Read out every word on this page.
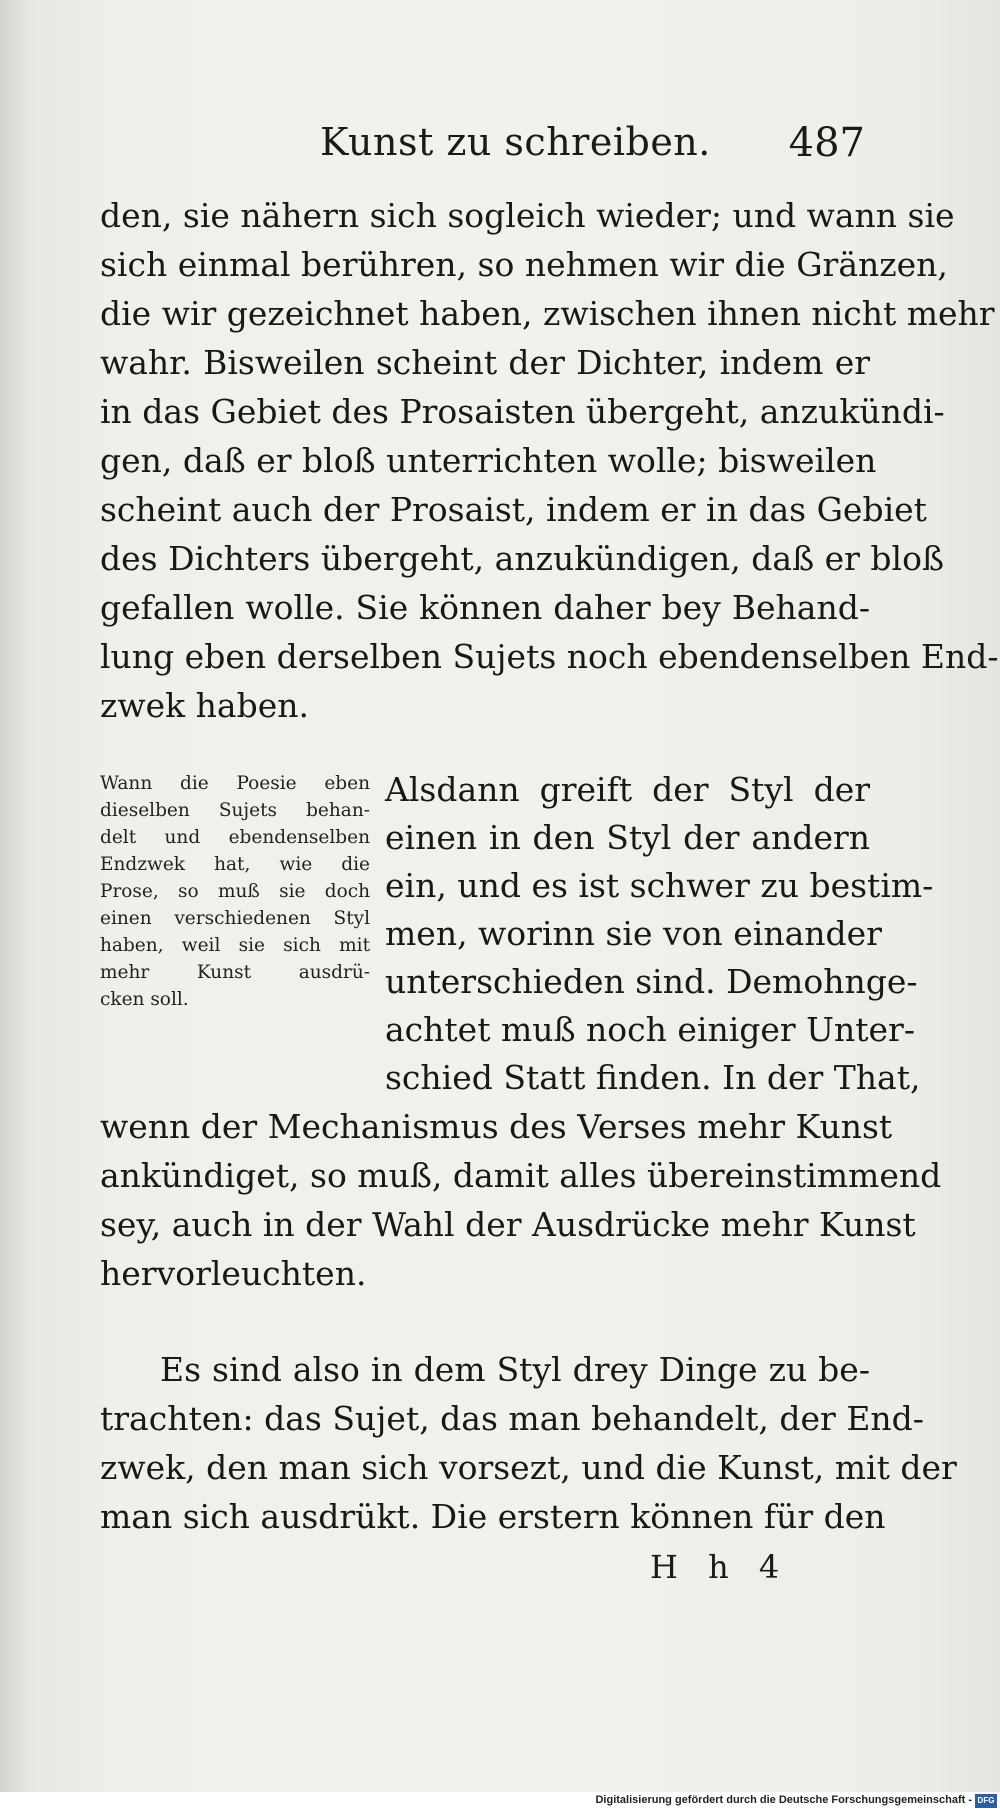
Kunst zu schreiben. 487
den, sie nähern sich sogleich wieder; und wann sie
sich einmal berühren, so nehmen wir die Gränzen,
die wir gezeichnet haben, zwischen ihnen nicht mehr
wahr. Bisweilen scheint der Dichter, indem er
in das Gebiet des Prosaisten übergeht, anzukündi-
gen, daß er bloß unterrichten wolle; bisweilen
scheint auch der Prosaist, indem er in das Gebiet
des Dichters übergeht, anzukündigen, daß er bloß
gefallen wolle. Sie können daher bey Behand-
lung eben derselben Sujets noch ebendenselben End-
zwek haben.
Wann die Poesie eben
dieselben Sujets behan-
delt und ebendenselben
Endzwek hat, wie die
Prose, so muß sie doch
einen verschiedenen Styl
haben, weil sie sich mit
mehr Kunst ausdrü-
cken soll.
Alsdann greift der Styl der
einen in den Styl der andern
ein, und es ist schwer zu bestim-
men, worinn sie von einander
unterschieden sind. Demohnge-
achtet muß noch einiger Unter-
schied Statt finden. In der That,
wenn der Mechanismus des Verses mehr Kunst
ankündiget, so muß, damit alles übereinstimmend
sey, auch in der Wahl der Ausdrücke mehr Kunst
hervorleuchten.
Es sind also in dem Styl drey Dinge zu be-
trachten: das Sujet, das man behandelt, der End-
zwek, den man sich vorsezt, und die Kunst, mit der
man sich ausdrükt. Die erstern können für den
H h 4
Digitalisierung gefördert durch die Deutsche Forschungsgemeinschaft - DFG
